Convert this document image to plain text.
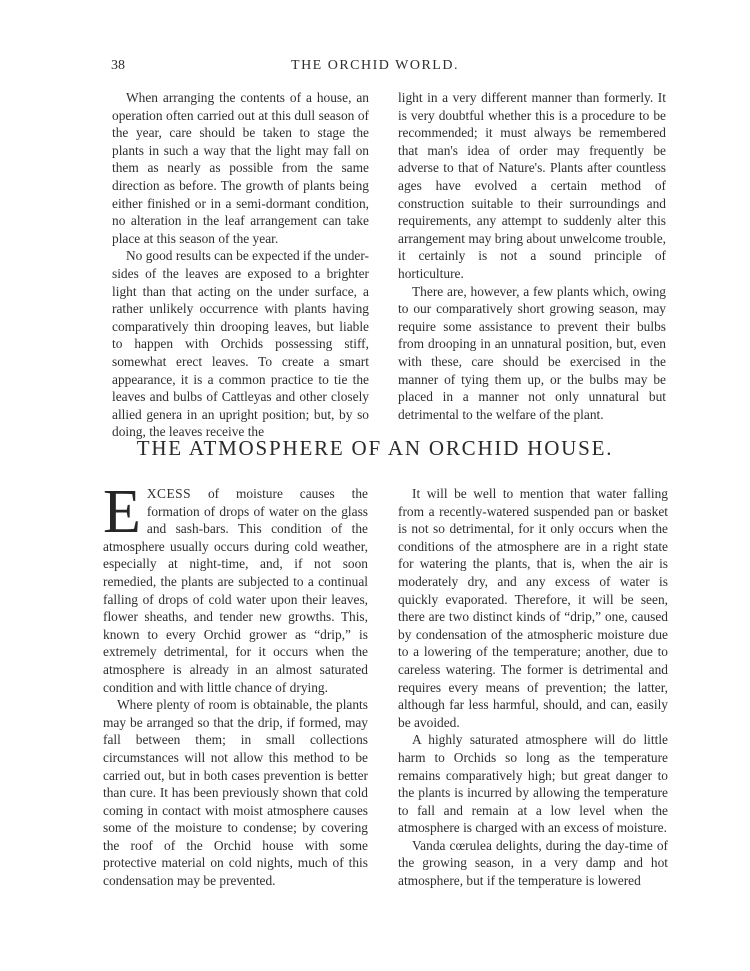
38	THE ORCHID WORLD.

When arranging the contents of a house, an operation often carried out at this dull season of the year, care should be taken to stage the plants in such a way that the light may fall on them as nearly as possible from the same direction as before. The growth of plants being either finished or in a semi-dormant condition, no alteration in the leaf arrangement can take place at this season of the year.

No good results can be expected if the under-sides of the leaves are exposed to a brighter light than that acting on the under surface, a rather unlikely occurrence with plants having comparatively thin drooping leaves, but liable to happen with Orchids possessing stiff, somewhat erect leaves. To create a smart appearance, it is a common practice to tie the leaves and bulbs of Cattleyas and other closely allied genera in an upright position; but, by so doing, the leaves receive the

light in a very different manner than formerly. It is very doubtful whether this is a procedure to be recommended; it must always be remembered that man's idea of order may frequently be adverse to that of Nature's. Plants after countless ages have evolved a certain method of construction suitable to their surroundings and requirements, any attempt to suddenly alter this arrangement may bring about unwelcome trouble, it certainly is not a sound principle of horticulture.

There are, however, a few plants which, owing to our comparatively short growing season, may require some assistance to prevent their bulbs from drooping in an unnatural position, but, even with these, care should be exercised in the manner of tying them up, or the bulbs may be placed in a manner not only unnatural but detrimental to the welfare of the plant.

THE ATMOSPHERE OF AN ORCHID HOUSE.

EXCESS of moisture causes the formation of drops of water on the glass and sash-bars. This condition of the atmosphere usually occurs during cold weather, especially at night-time, and, if not soon remedied, the plants are subjected to a continual falling of drops of cold water upon their leaves, flower sheaths, and tender new growths. This, known to every Orchid grower as “drip,” is extremely detrimental, for it occurs when the atmosphere is already in an almost saturated condition and with little chance of drying.

Where plenty of room is obtainable, the plants may be arranged so that the drip, if formed, may fall between them; in small collections circumstances will not allow this method to be carried out, but in both cases prevention is better than cure. It has been previously shown that cold coming in contact with moist atmosphere causes some of the moisture to condense; by covering the roof of the Orchid house with some protective material on cold nights, much of this condensation may be prevented.

It will be well to mention that water falling from a recently-watered suspended pan or basket is not so detrimental, for it only occurs when the conditions of the atmosphere are in a right state for watering the plants, that is, when the air is moderately dry, and any excess of water is quickly evaporated. Therefore, it will be seen, there are two distinct kinds of “drip,” one, caused by condensation of the atmospheric moisture due to a lowering of the temperature; another, due to careless watering. The former is detrimental and requires every means of prevention; the latter, although far less harmful, should, and can, easily be avoided.

A highly saturated atmosphere will do little harm to Orchids so long as the temperature remains comparatively high; but great danger to the plants is incurred by allowing the temperature to fall and remain at a low level when the atmosphere is charged with an excess of moisture.

Vanda cœrulea delights, during the day-time of the growing season, in a very damp and hot atmosphere, but if the temperature is lowered
